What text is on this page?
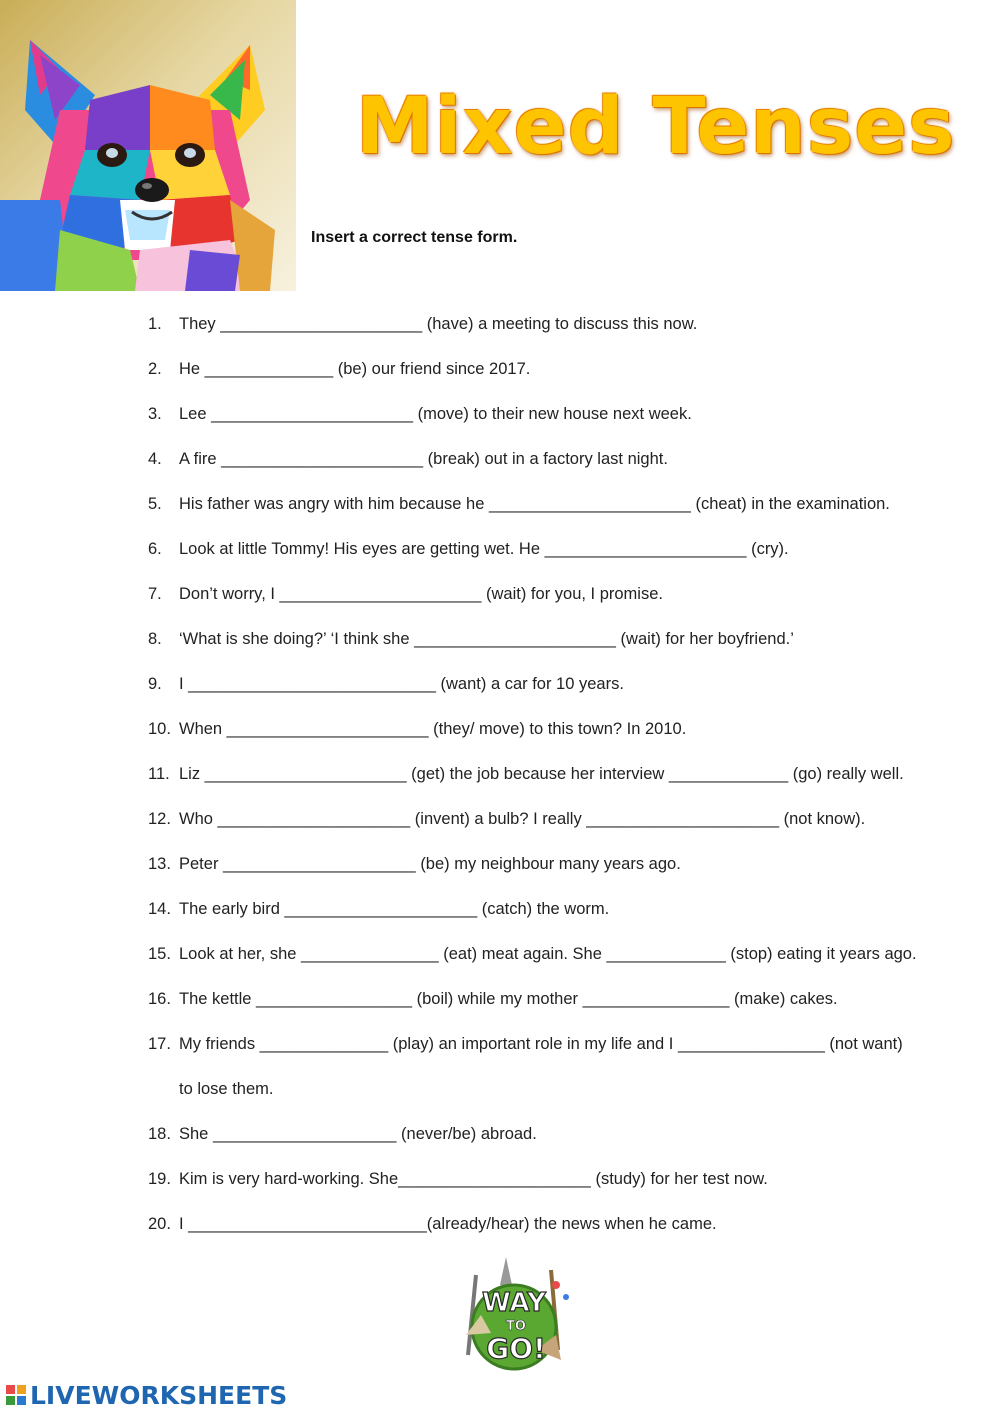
Mixed Tenses
Insert a correct tense form.
1.	They ______________________ (have) a meeting to discuss this now.
2.	He ______________ (be) our friend since 2017.
3.	Lee ______________________ (move) to their new house next week.
4.	A fire ______________________ (break) out in a factory last night.
5.	His father was angry with him because he ______________________ (cheat) in the examination.
6.	Look at little Tommy! His eyes are getting wet. He ______________________ (cry).
7.	Don’t worry, I ______________________ (wait) for you, I promise.
8.	‘What is she doing?’ ‘I think she ______________________ (wait) for her boyfriend.’
9.	I ___________________________ (want) a car for 10 years.
10. When ______________________ (they/ move) to this town? In 2010.
11. Liz ______________________ (get) the job because her interview _____________ (go) really well.
12. Who _____________________ (invent) a bulb? I really _____________________ (not know).
13. Peter _____________________ (be) my neighbour many years ago.
14. The early bird _____________________ (catch) the worm.
15. Look at her, she _______________ (eat) meat again. She _____________ (stop) eating it years ago.
16. The kettle _________________ (boil) while my mother ________________ (make) cakes.
17. My friends ______________ (play) an important role in my life and I ________________ (not want)
to lose them.
18. She ____________________ (never/be) abroad.
19. Kim is very hard-working. She_____________________ (study) for her test now.
20. I __________________________(already/hear) the news when he came.
WAY
TO
GO!
LIVEWORKSHEETS
